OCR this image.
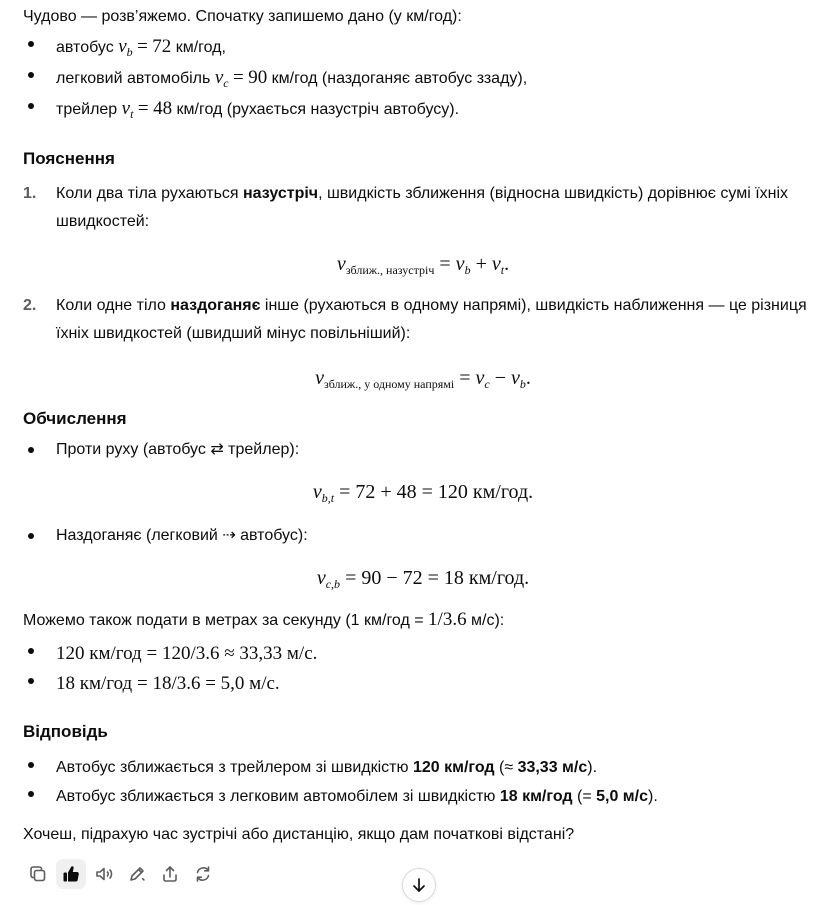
Чудово — розв’яжемо. Спочатку запишемо дано (у км/год):

автобус $v_b = 72$ км/год,
легковий автомобіль $v_c = 90$ км/год (наздоганяє автобус ззаду),
трейлер $v_t = 48$ км/год (рухається назустріч автобусу).
Пояснення
1. Коли два тіла рухаються назустріч, швидкість зближення (відносна швидкість) дорівнює сумі їхніх швидкостей:
$v_{зближ., назустріч} = v_b + v_t$.
2. Коли одне тіло наздоганяє інше (рухаються в одному напрямі), швидкість наближення — це різниця їхніх швидкостей (швидший мінус повільніший):
$v_{зближ., у одному напрямі} = v_c - v_b$.
Обчислення
Проти руху (автобус ⇄ трейлер):
$v_{b,t} = 72 + 48 = 120$ км/год.
Наздоганяє (легковий ⇢ автобус):
$v_{c,b} = 90 - 72 = 18$ км/год.

Можемо також подати в метрах за секунду (1 км/год = 1/3.6 м/с):

120 км/год = 120/3.6 ≈ 33,33 м/с.
18 км/год = 18/3.6 = 5,0 м/с.
Відповідь
Автобус зближається з трейлером зі швидкістю 120 км/год (≈ 33,33 м/с).
Автобус зближається з легковим автомобілем зі швидкістю 18 км/год (= 5,0 м/с).

Хочеш, підрахую час зустрічі або дистанцію, якщо дам початкові відстані?
